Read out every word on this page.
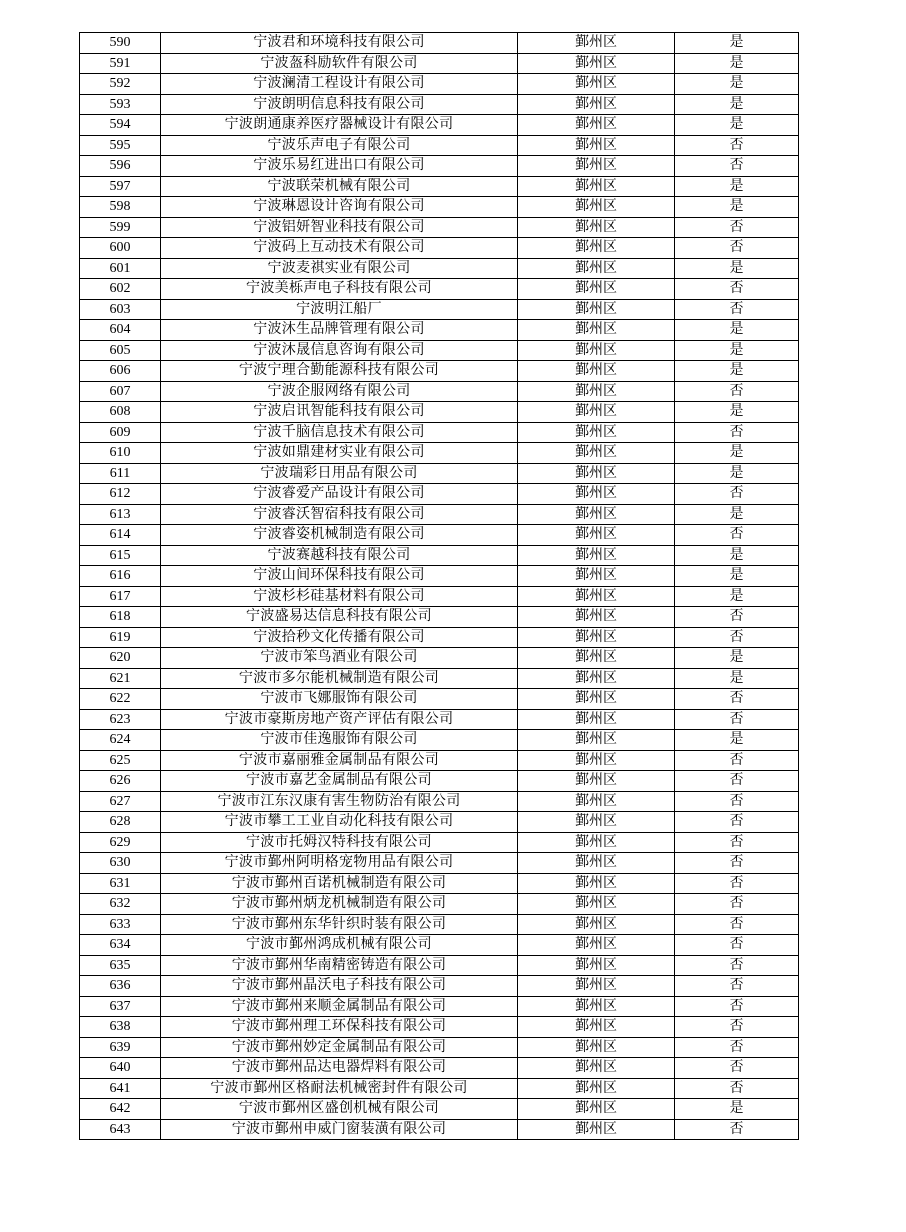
590	宁波君和环境科技有限公司	鄞州区	是
591	宁波盔科励软件有限公司	鄞州区	是
592	宁波澜清工程设计有限公司	鄞州区	是
593	宁波朗明信息科技有限公司	鄞州区	是
594	宁波朗通康养医疗器械设计有限公司	鄞州区	是
595	宁波乐声电子有限公司	鄞州区	否
596	宁波乐易红进出口有限公司	鄞州区	否
597	宁波联荣机械有限公司	鄞州区	是
598	宁波琳恩设计咨询有限公司	鄞州区	是
599	宁波铝妍智业科技有限公司	鄞州区	否
600	宁波码上互动技术有限公司	鄞州区	否
601	宁波麦祺实业有限公司	鄞州区	是
602	宁波美栎声电子科技有限公司	鄞州区	否
603	宁波明江船厂	鄞州区	否
604	宁波沐生品牌管理有限公司	鄞州区	是
605	宁波沐晟信息咨询有限公司	鄞州区	是
606	宁波宁理合勤能源科技有限公司	鄞州区	是
607	宁波企服网络有限公司	鄞州区	否
608	宁波启讯智能科技有限公司	鄞州区	是
609	宁波千脑信息技术有限公司	鄞州区	否
610	宁波如鼎建材实业有限公司	鄞州区	是
611	宁波瑞彩日用品有限公司	鄞州区	是
612	宁波睿爱产品设计有限公司	鄞州区	否
613	宁波睿沃智宿科技有限公司	鄞州区	是
614	宁波睿姿机械制造有限公司	鄞州区	否
615	宁波赛越科技有限公司	鄞州区	是
616	宁波山间环保科技有限公司	鄞州区	是
617	宁波杉杉硅基材料有限公司	鄞州区	是
618	宁波盛易达信息科技有限公司	鄞州区	否
619	宁波拾秒文化传播有限公司	鄞州区	否
620	宁波市笨鸟酒业有限公司	鄞州区	是
621	宁波市多尔能机械制造有限公司	鄞州区	是
622	宁波市飞娜服饰有限公司	鄞州区	否
623	宁波市豪斯房地产资产评估有限公司	鄞州区	否
624	宁波市佳逸服饰有限公司	鄞州区	是
625	宁波市嘉丽雅金属制品有限公司	鄞州区	否
626	宁波市嘉艺金属制品有限公司	鄞州区	否
627	宁波市江东汉康有害生物防治有限公司	鄞州区	否
628	宁波市攀工工业自动化科技有限公司	鄞州区	否
629	宁波市托姆汉特科技有限公司	鄞州区	否
630	宁波市鄞州阿明格宠物用品有限公司	鄞州区	否
631	宁波市鄞州百诺机械制造有限公司	鄞州区	否
632	宁波市鄞州炳龙机械制造有限公司	鄞州区	否
633	宁波市鄞州东华针织时装有限公司	鄞州区	否
634	宁波市鄞州鸿成机械有限公司	鄞州区	否
635	宁波市鄞州华南精密铸造有限公司	鄞州区	否
636	宁波市鄞州晶沃电子科技有限公司	鄞州区	否
637	宁波市鄞州来顺金属制品有限公司	鄞州区	否
638	宁波市鄞州理工环保科技有限公司	鄞州区	否
639	宁波市鄞州妙定金属制品有限公司	鄞州区	否
640	宁波市鄞州品达电器焊料有限公司	鄞州区	否
641	宁波市鄞州区格耐法机械密封件有限公司	鄞州区	否
642	宁波市鄞州区盛创机械有限公司	鄞州区	是
643	宁波市鄞州申威门窗装潢有限公司	鄞州区	否
